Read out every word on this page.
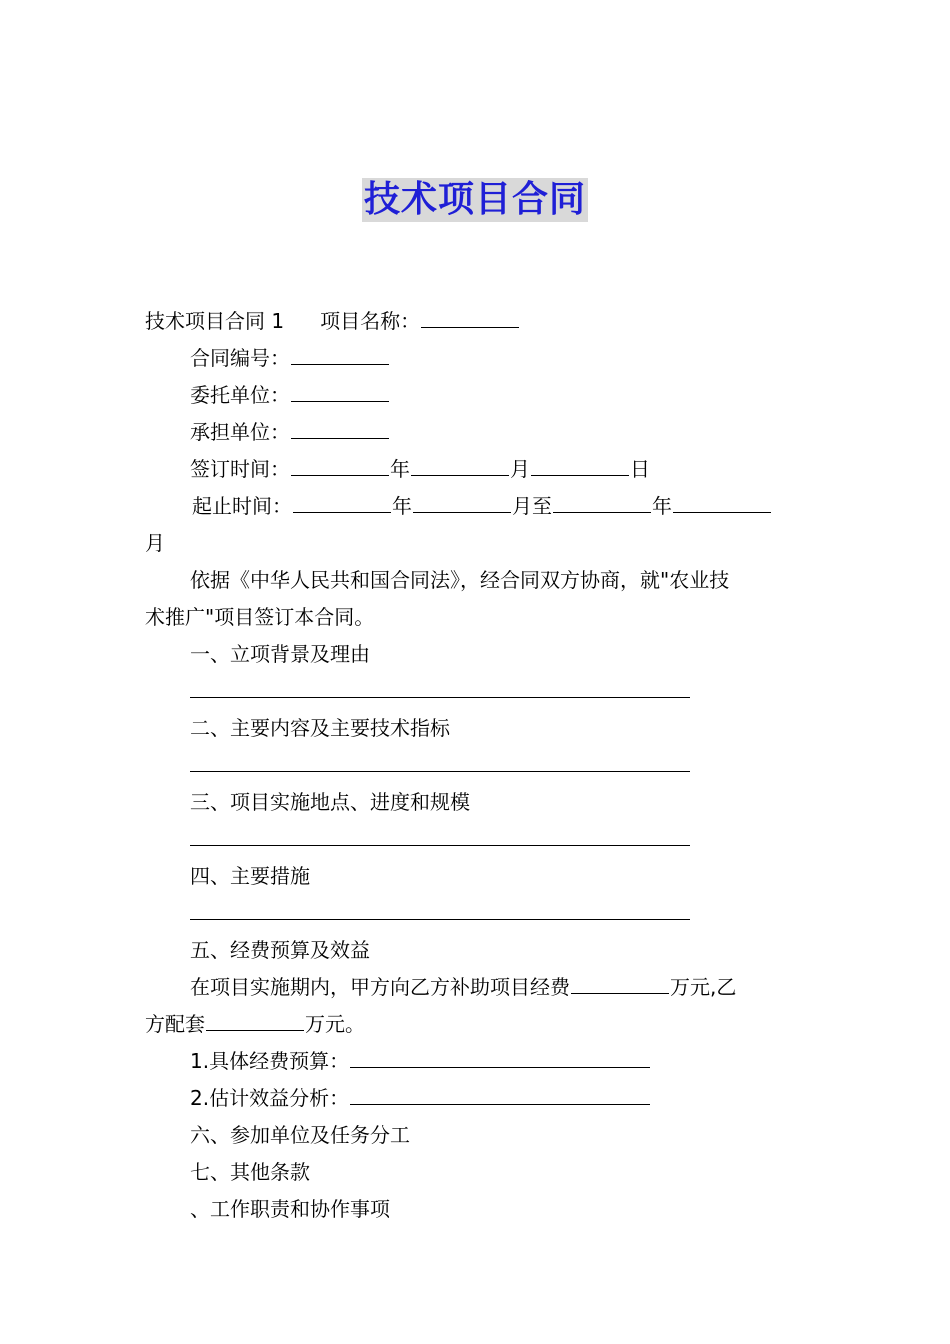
技术项目合同
技术项目合同 1 项目名称：
合同编号：
委托单位：
承担单位：
签订时间：	年	月	日
起止时间：	年	月至	年
月
依据《中华人民共和国合同法》，经合同双方协商，就"农业技
术推广"项目签订本合同。
一、立项背景及理由
二、主要内容及主要技术指标
三、项目实施地点、进度和规模
四、主要措施
五、经费预算及效益
在项目实施期内，甲方向乙方补助项目经费	万元,乙
方配套	万元。
1.具体经费预算：
2.估计效益分析：
六、参加单位及任务分工
七、其他条款
、工作职责和协作事项
